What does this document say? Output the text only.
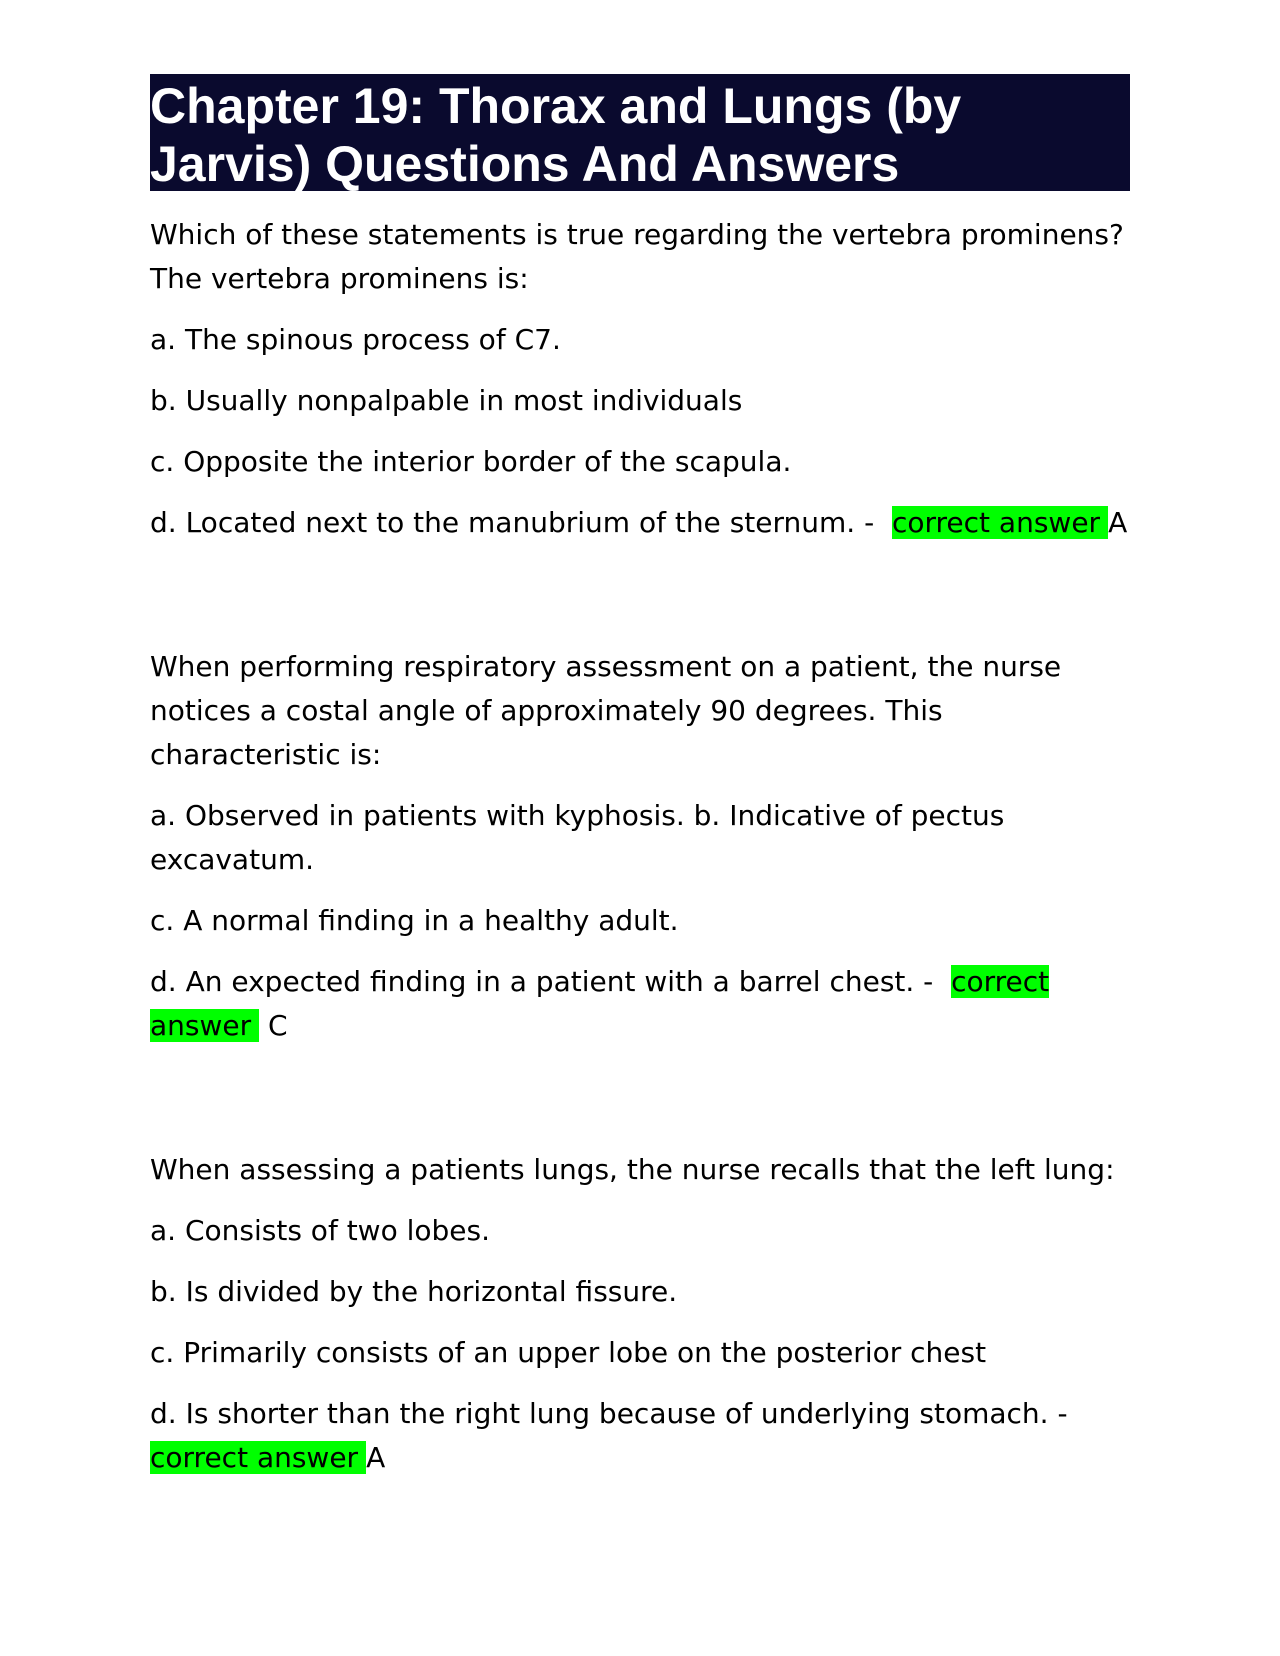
Chapter 19: Thorax and Lungs (by Jarvis) Questions And Answers

Which of these statements is true regarding the vertebra prominens? The vertebra prominens is:

a. The spinous process of C7.

b. Usually nonpalpable in most individuals

c. Opposite the interior border of the scapula.

d. Located next to the manubrium of the sternum. - correct answer A

When performing respiratory assessment on a patient, the nurse notices a costal angle of approximately 90 degrees. This characteristic is:

a. Observed in patients with kyphosis. b. Indicative of pectus excavatum.

c. A normal finding in a healthy adult.

d. An expected finding in a patient with a barrel chest. - correct answer C

When assessing a patients lungs, the nurse recalls that the left lung:

a. Consists of two lobes.

b. Is divided by the horizontal fissure.

c. Primarily consists of an upper lobe on the posterior chest

d. Is shorter than the right lung because of underlying stomach. - correct answer A
